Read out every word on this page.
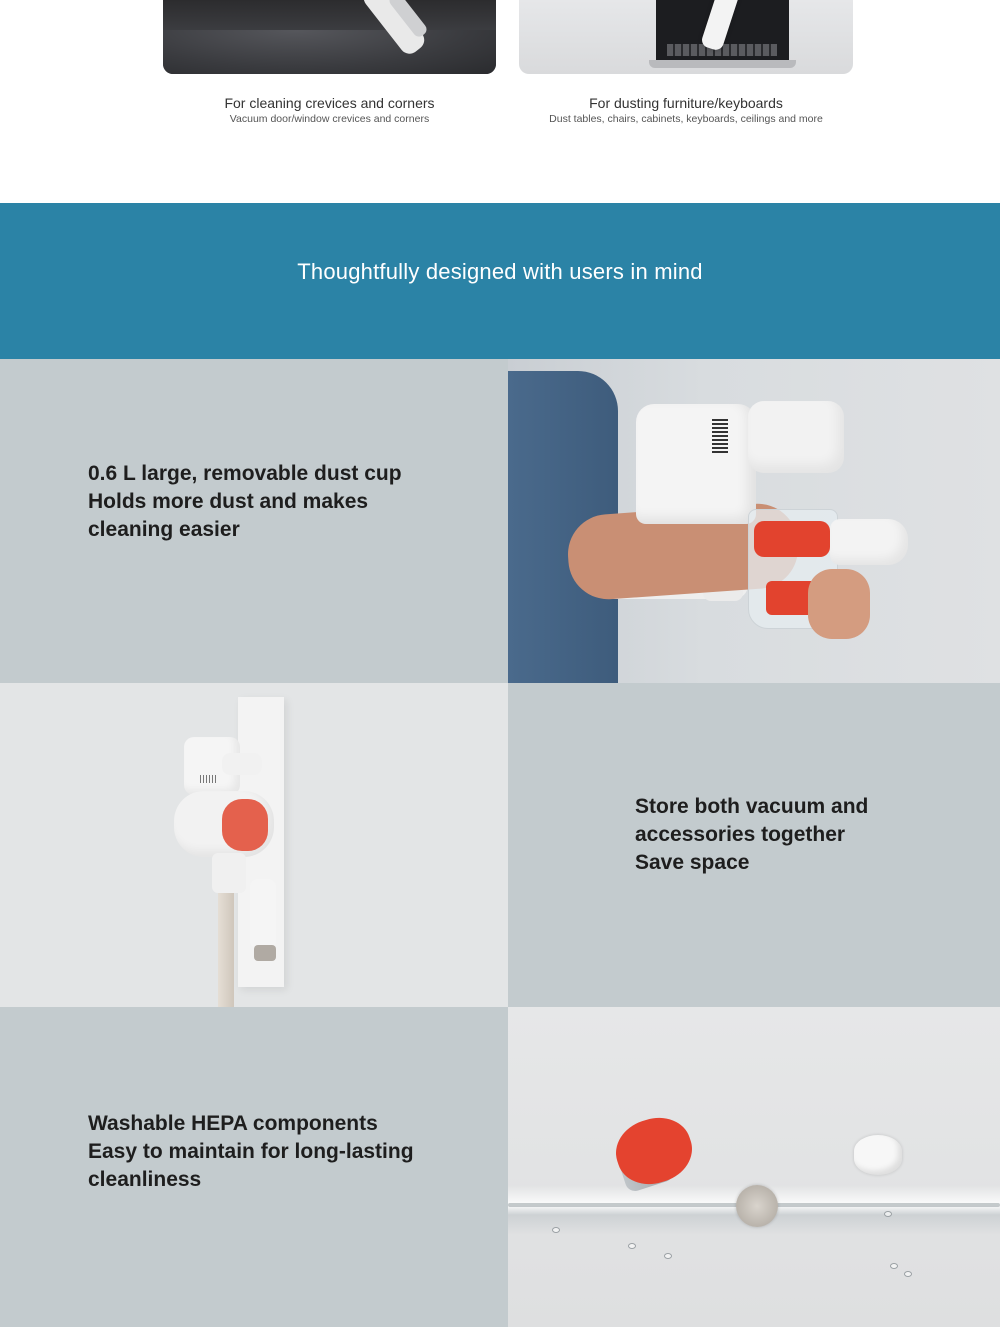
For cleaning crevices and corners
Vacuum door/window crevices and corners
For dusting furniture/keyboards
Dust tables, chairs, cabinets, keyboards, ceilings and more
Thoughtfully designed with users in mind
0.6 L large, removable dust cup
Holds more dust and makes
cleaning easier
Store both vacuum and
accessories together
Save space
Washable HEPA components
Easy to maintain for long-lasting
cleanliness
